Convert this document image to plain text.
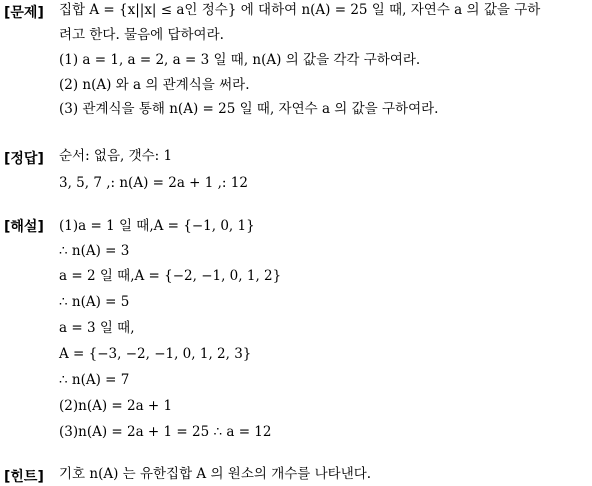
[문제] 집합 A = {x||x| ≤ a인 정수} 에 대하여 n(A) = 25 일 때, 자연수 a 의 값을 구하
려고 한다. 물음에 답하여라.
(1) a = 1, a = 2, a = 3 일 때, n(A) 의 값을 각각 구하여라.
(2) n(A) 와 a 의 관계식을 써라.
(3) 관계식을 통해 n(A) = 25 일 때, 자연수 a 의 값을 구하여라.
[정답] 순서: 없음, 갯수: 1
3, 5, 7 ,: n(A) = 2a + 1 ,: 12
[해설] (1)a = 1 일 때,A = {−1, 0, 1}
∴ n(A) = 3
a = 2 일 때,A = {−2, −1, 0, 1, 2}
∴ n(A) = 5
a = 3 일 때,
A = {−3, −2, −1, 0, 1, 2, 3}
∴ n(A) = 7
(2)n(A) = 2a + 1
(3)n(A) = 2a + 1 = 25 ∴ a = 12
[힌트] 기호 n(A) 는 유한집합 A 의 원소의 개수를 나타낸다.
